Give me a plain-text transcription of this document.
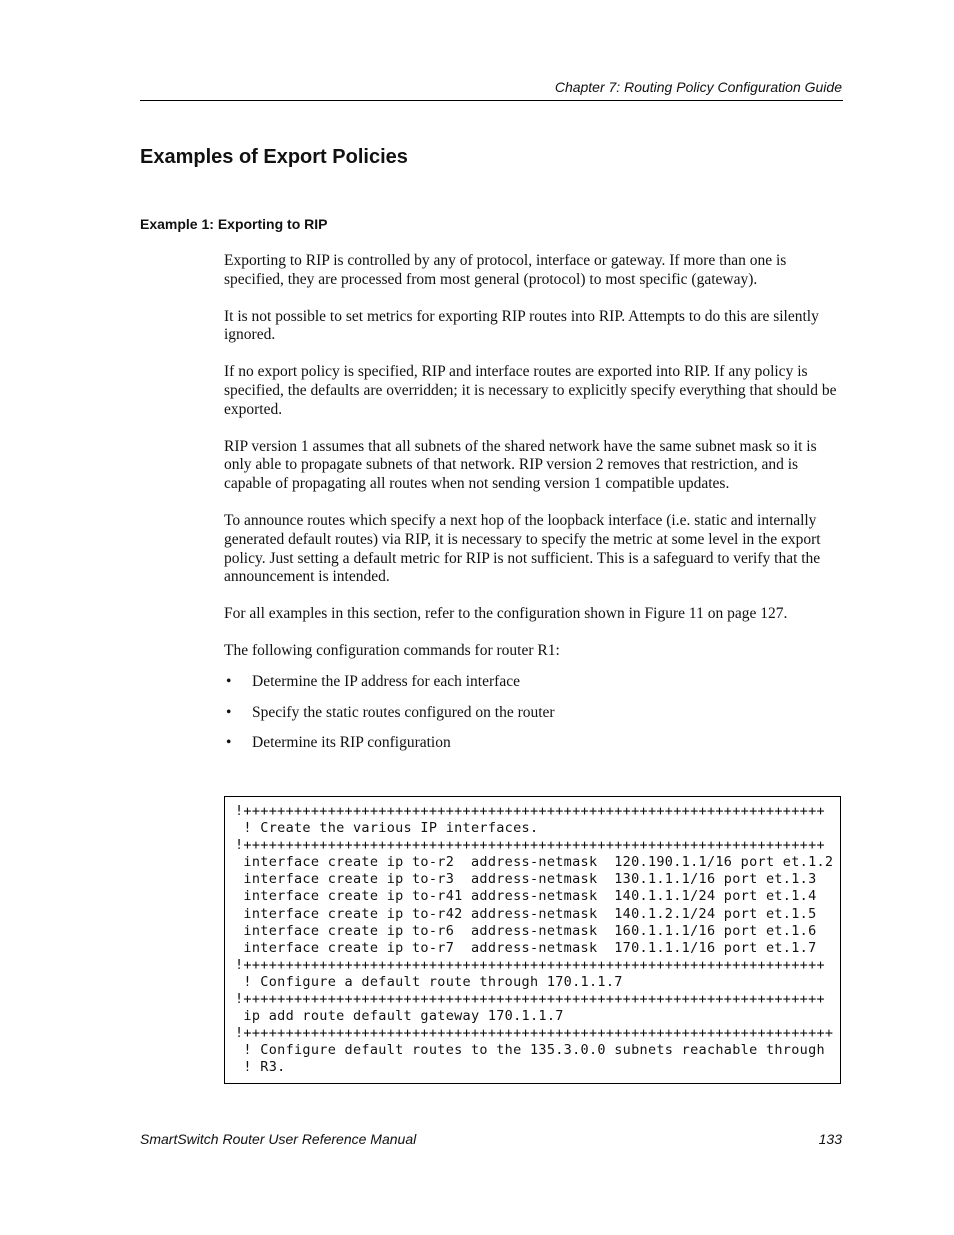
Chapter 7: Routing Policy Configuration Guide
Examples of Export Policies
Example 1: Exporting to RIP

Exporting to RIP is controlled by any of protocol, interface or gateway. If more than one is specified, they are processed from most general (protocol) to most specific (gateway).

It is not possible to set metrics for exporting RIP routes into RIP. Attempts to do this are silently ignored.

If no export policy is specified, RIP and interface routes are exported into RIP. If any policy is specified, the defaults are overridden; it is necessary to explicitly specify everything that should be exported.

RIP version 1 assumes that all subnets of the shared network have the same subnet mask so it is only able to propagate subnets of that network. RIP version 2 removes that restriction, and is capable of propagating all routes when not sending version 1 compatible updates.

To announce routes which specify a next hop of the loopback interface (i.e. static and internally generated default routes) via RIP, it is necessary to specify the metric at some level in the export policy. Just setting a default metric for RIP is not sufficient. This is a safeguard to verify that the announcement is intended.

For all examples in this section, refer to the configuration shown in Figure 11 on page 127.

The following configuration commands for router R1:

• Determine the IP address for each interface
• Specify the static routes configured on the router
• Determine its RIP configuration
!+++++++++++++++++++++++++++++++++++++++++++++++++++++++++++++++++++++
! Create the various IP interfaces.
!+++++++++++++++++++++++++++++++++++++++++++++++++++++++++++++++++++++
interface create ip to-r2  address-netmask  120.190.1.1/16 port et.1.2
interface create ip to-r3  address-netmask  130.1.1.1/16 port et.1.3
interface create ip to-r41 address-netmask  140.1.1.1/24 port et.1.4
interface create ip to-r42 address-netmask  140.1.2.1/24 port et.1.5
interface create ip to-r6  address-netmask  160.1.1.1/16 port et.1.6
interface create ip to-r7  address-netmask  170.1.1.1/16 port et.1.7
!+++++++++++++++++++++++++++++++++++++++++++++++++++++++++++++++++++++
! Configure a default route through 170.1.1.7
!+++++++++++++++++++++++++++++++++++++++++++++++++++++++++++++++++++++
ip add route default gateway 170.1.1.7
!++++++++++++++++++++++++++++++++++++++++++++++++++++++++++++++++++++++
! Configure default routes to the 135.3.0.0 subnets reachable through
! R3.
SmartSwitch Router User Reference Manual	133
